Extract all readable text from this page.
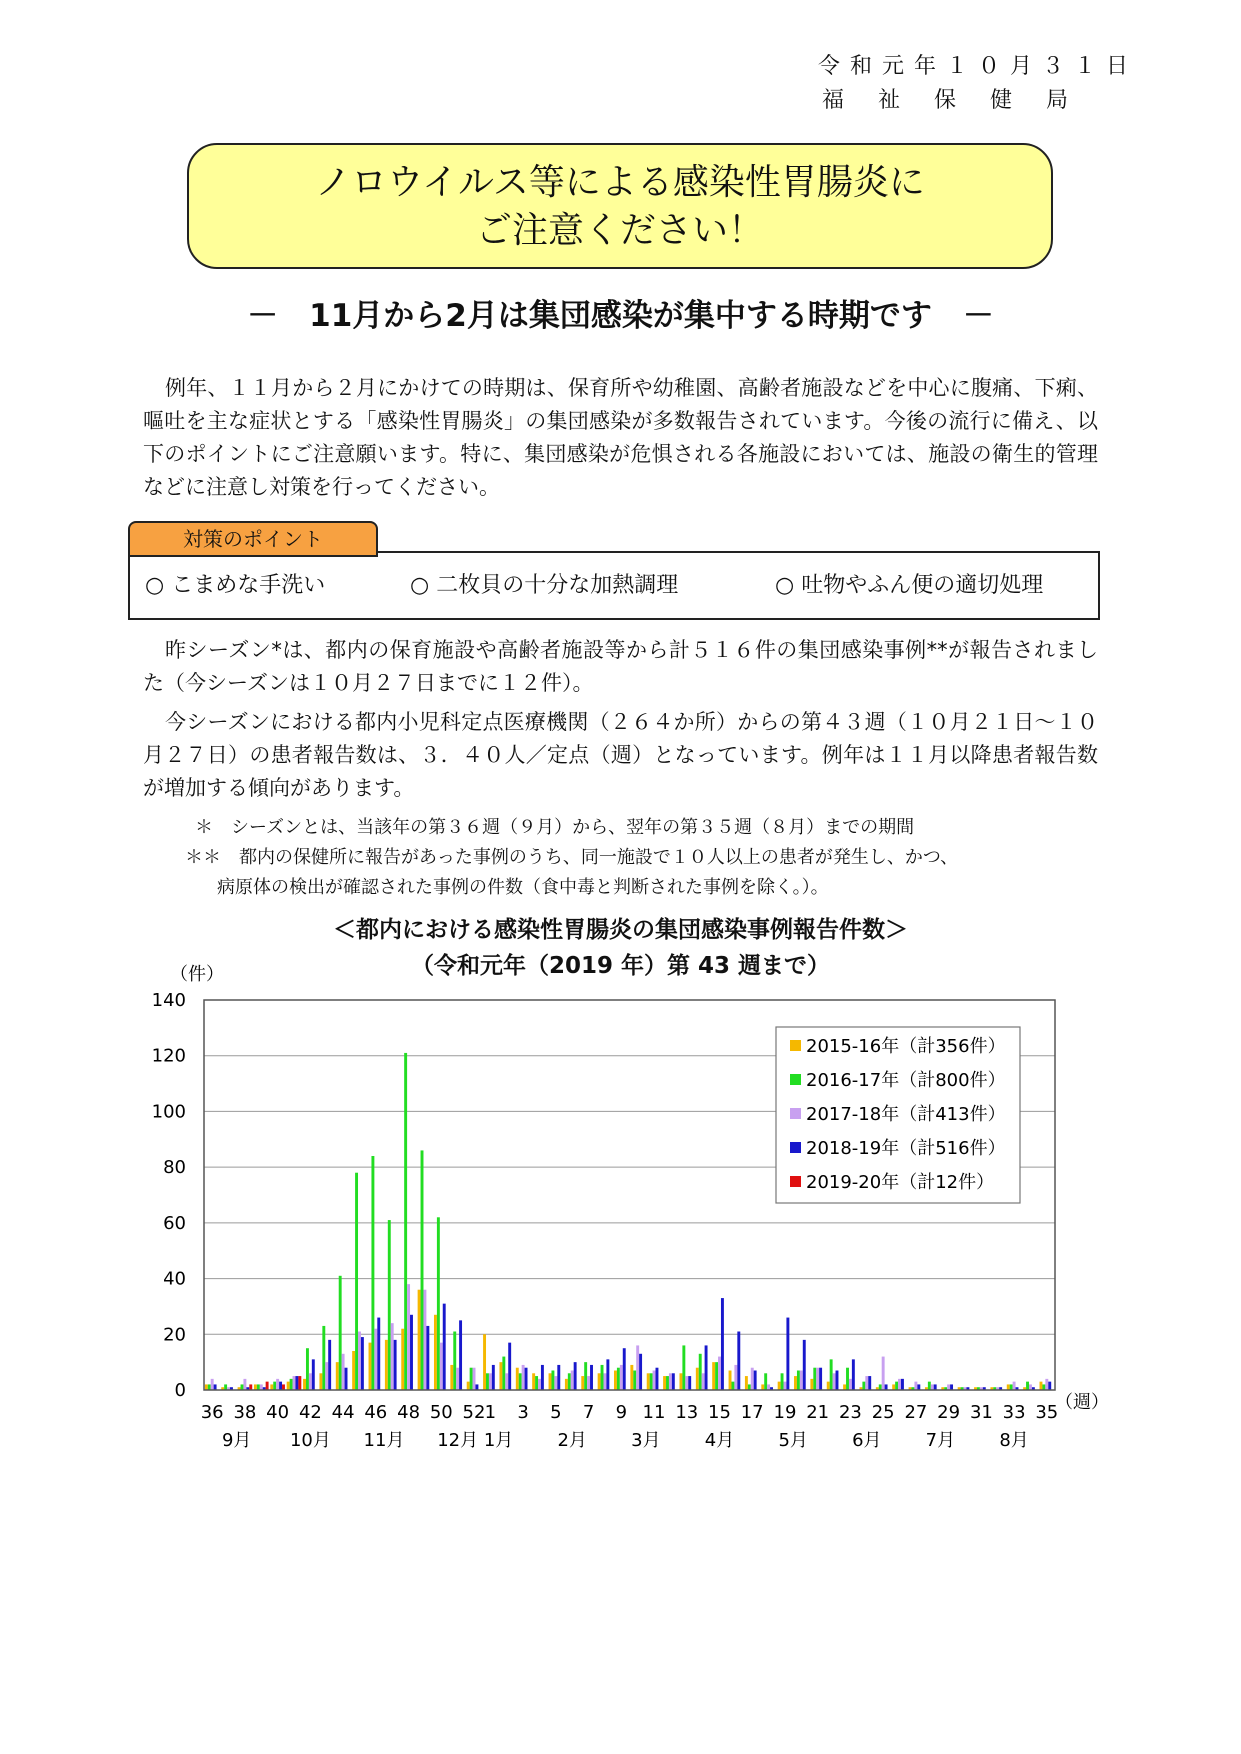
令和元年１０月３１日
福祉保健局
ノロウイルス等による感染性胃腸炎に
ご注意ください！
－　11月から2月は集団感染が集中する時期です　－
例年、１１月から２月にかけての時期は、保育所や幼稚園、高齢者施設などを中心に腹痛、下痢、嘔吐を主な症状とする「感染性胃腸炎」の集団感染が多数報告されています。今後の流行に備え、以下のポイントにご注意願います。特に、集団感染が危惧される各施設においては、施設の衛生的管理などに注意し対策を行ってください。
対策のポイント
○ こまめな手洗い	○ 二枚貝の十分な加熱調理	○ 吐物やふん便の適切処理
昨シーズン*は、都内の保育施設や高齢者施設等から計５１６件の集団感染事例**が報告されました（今シーズンは１０月２７日までに１２件）。
今シーズンにおける都内小児科定点医療機関（２６４か所）からの第４３週（１０月２１日～１０月２７日）の患者報告数は、３．４０人／定点（週）となっています。例年は１１月以降患者報告数が増加する傾向があります。
＊　シーズンとは、当該年の第３６週（９月）から、翌年の第３５週（８月）までの期間
＊＊　都内の保健所に報告があった事例のうち、同一施設で１０人以上の患者が発生し、かつ、
病原体の検出が確認された事例の件数（食中毒と判断された事例を除く。）。
＜都内における感染性胃腸炎の集団感染事例報告件数＞
（令和元年（2019 年）第 43 週まで）
0
20
40
60
80
100
120
140
36 38 40 42 44 46 48 50 52 1 3 5 7 9 11 13 15 17 19 21 23 25 27 29 31 33 35
9月 10月 11月 12月 1月 2月 3月 4月 5月 6月 7月 8月
（件）
（週）
2015-16年（計356件）
2016-17年（計800件）
2017-18年（計413件）
2018-19年（計516件）
2019-20年（計12件）
